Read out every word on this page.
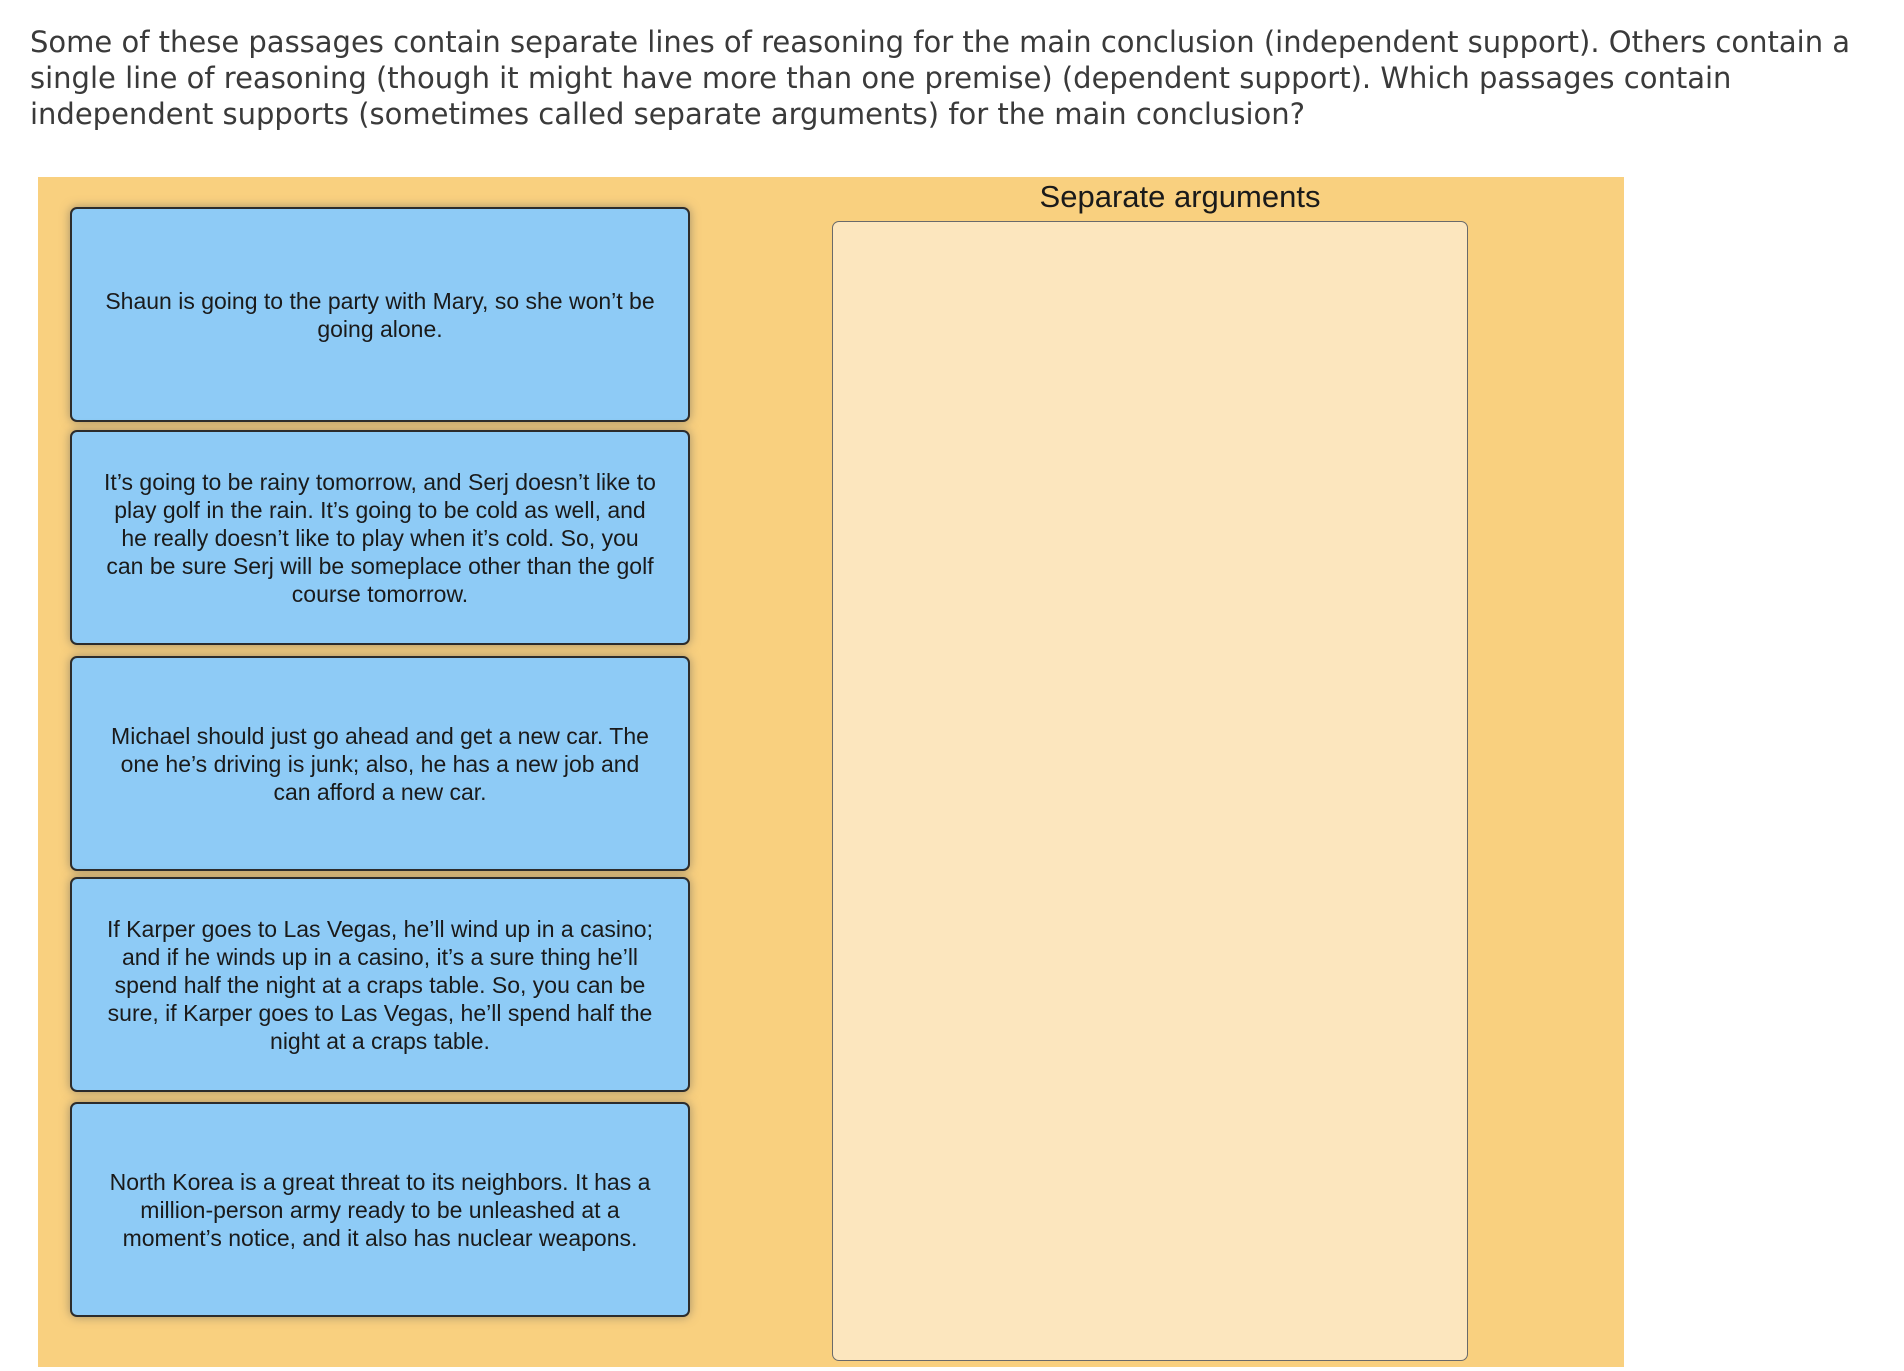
Some of these passages contain separate lines of reasoning for the main conclusion (independent support). Others contain a single line of reasoning (though it might have more than one premise) (dependent support). Which passages contain independent supports (sometimes called separate arguments) for the main conclusion?

Shaun is going to the party with Mary, so she won’t be going alone.
It’s going to be rainy tomorrow, and Serj doesn’t like to play golf in the rain. It’s going to be cold as well, and he really doesn’t like to play when it’s cold. So, you can be sure Serj will be someplace other than the golf course tomorrow.
Michael should just go ahead and get a new car. The one he’s driving is junk; also, he has a new job and can afford a new car.
If Karper goes to Las Vegas, he’ll wind up in a casino; and if he winds up in a casino, it’s a sure thing he’ll spend half the night at a craps table. So, you can be sure, if Karper goes to Las Vegas, he’ll spend half the night at a craps table.
North Korea is a great threat to its neighbors. It has a million-person army ready to be unleashed at a moment’s notice, and it also has nuclear weapons.
Separate arguments
